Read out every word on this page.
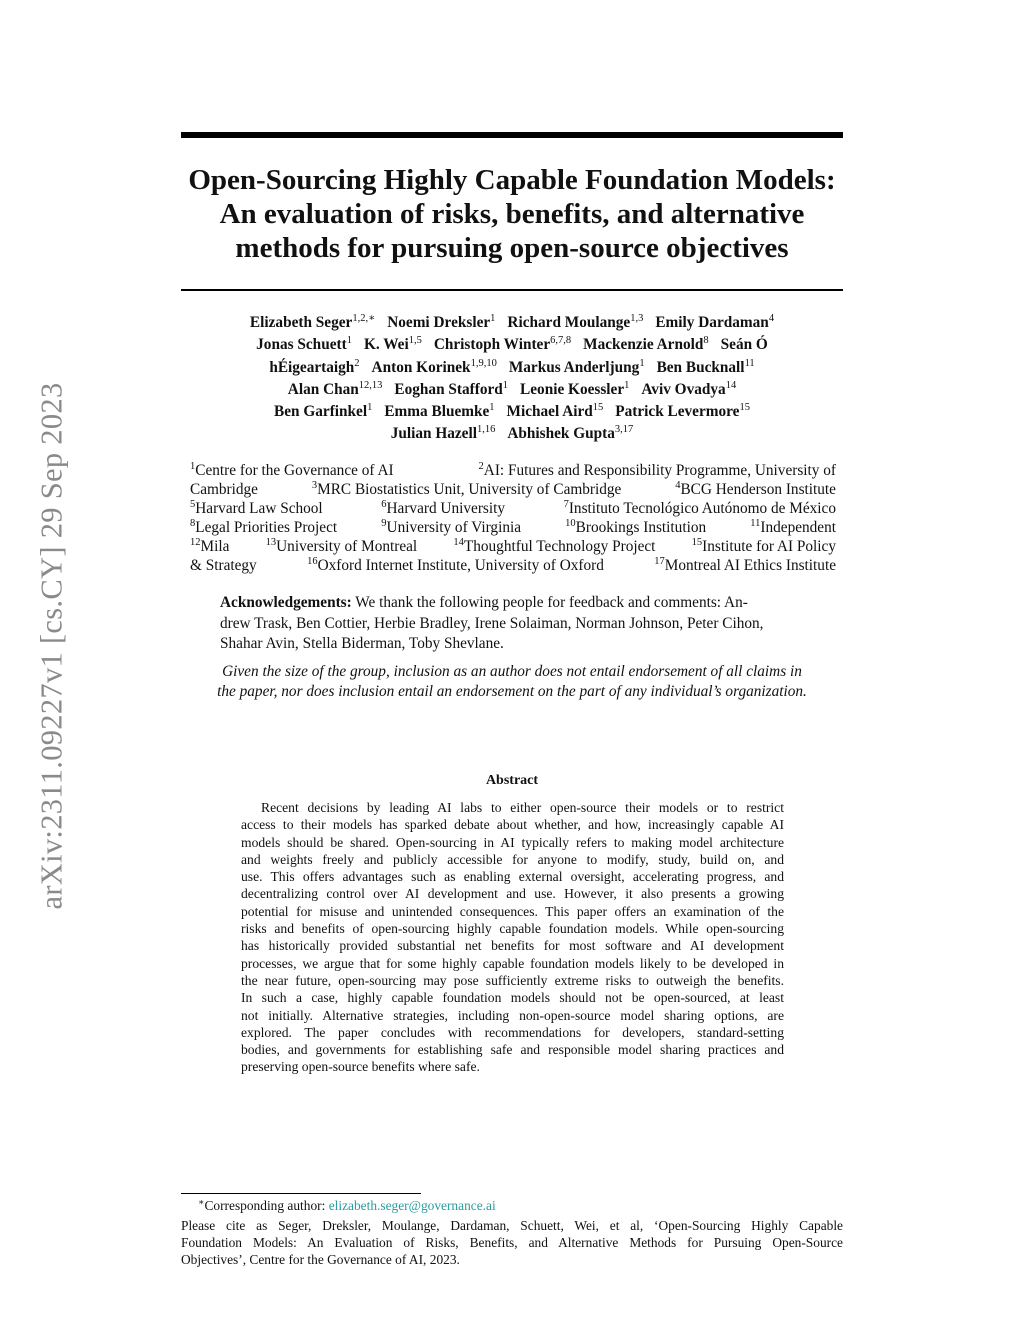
arXiv:2311.09227v1 [cs.CY] 29 Sep 2023
Open-Sourcing Highly Capable Foundation Models:
An evaluation of risks, benefits, and alternative
methods for pursuing open-source objectives
Elizabeth Seger$^{1,2,∗}$ Noemi Dreksler$^1$ Richard Moulange$^{1,3}$ Emily Dardaman$^4$
Jonas Schuett$^1$ K. Wei$^{1,5}$ Christoph Winter$^{6,7,8}$ Mackenzie Arnold$^8$ Seán Ó
hÉigeartaigh$^2$ Anton Korinek$^{1,9,10}$ Markus Anderljung$^1$ Ben Bucknall$^{11}$
Alan Chan$^{12,13}$ Eoghan Stafford$^1$ Leonie Koessler$^1$ Aviv Ovadya$^{14}$
Ben Garfinkel$^1$ Emma Bluemke$^1$ Michael Aird$^{15}$ Patrick Levermore$^{15}$
Julian Hazell$^{1,16}$ Abhishek Gupta$^{3,17}$
$^1$Centre for the Governance of AI	$^2$AI: Futures and Responsibility Programme, University of
Cambridge	$^3$MRC Biostatistics Unit, University of Cambridge	$^4$BCG Henderson Institute
$^5$Harvard Law School	$^6$Harvard University	$^7$Instituto Tecnológico Autónomo de México
$^8$Legal Priorities Project	$^9$University of Virginia	$^{10}$Brookings Institution	$^{11}$Independent
$^{12}$Mila	$^{13}$University of Montreal	$^{14}$Thoughtful Technology Project	$^{15}$Institute for AI Policy
& Strategy	$^{16}$Oxford Internet Institute, University of Oxford	$^{17}$Montreal AI Ethics Institute
Acknowledgements: We thank the following people for feedback and comments: An-
drew Trask, Ben Cottier, Herbie Bradley, Irene Solaiman, Norman Johnson, Peter Cihon,
Shahar Avin, Stella Biderman, Toby Shevlane.
Given the size of the group, inclusion as an author does not entail endorsement of all claims in
the paper, nor does inclusion entail an endorsement on the part of any individual’s organization.
Abstract
Recent decisions by leading AI labs to either open-source their models or to restrict
access to their models has sparked debate about whether, and how, increasingly capable AI
models should be shared. Open-sourcing in AI typically refers to making model architecture
and weights freely and publicly accessible for anyone to modify, study, build on, and
use. This offers advantages such as enabling external oversight, accelerating progress, and
decentralizing control over AI development and use. However, it also presents a growing
potential for misuse and unintended consequences. This paper offers an examination of the
risks and benefits of open-sourcing highly capable foundation models. While open-sourcing
has historically provided substantial net benefits for most software and AI development
processes, we argue that for some highly capable foundation models likely to be developed in
the near future, open-sourcing may pose sufficiently extreme risks to outweigh the benefits.
In such a case, highly capable foundation models should not be open-sourced, at least
not initially. Alternative strategies, including non-open-source model sharing options, are
explored. The paper concludes with recommendations for developers, standard-setting
bodies, and governments for establishing safe and responsible model sharing practices and
preserving open-source benefits where safe.
∗Corresponding author: elizabeth.seger@governance.ai
Please cite as Seger, Dreksler, Moulange, Dardaman, Schuett, Wei, et al, ‘Open-Sourcing Highly Capable
Foundation Models: An Evaluation of Risks, Benefits, and Alternative Methods for Pursuing Open-Source
Objectives’, Centre for the Governance of AI, 2023.
